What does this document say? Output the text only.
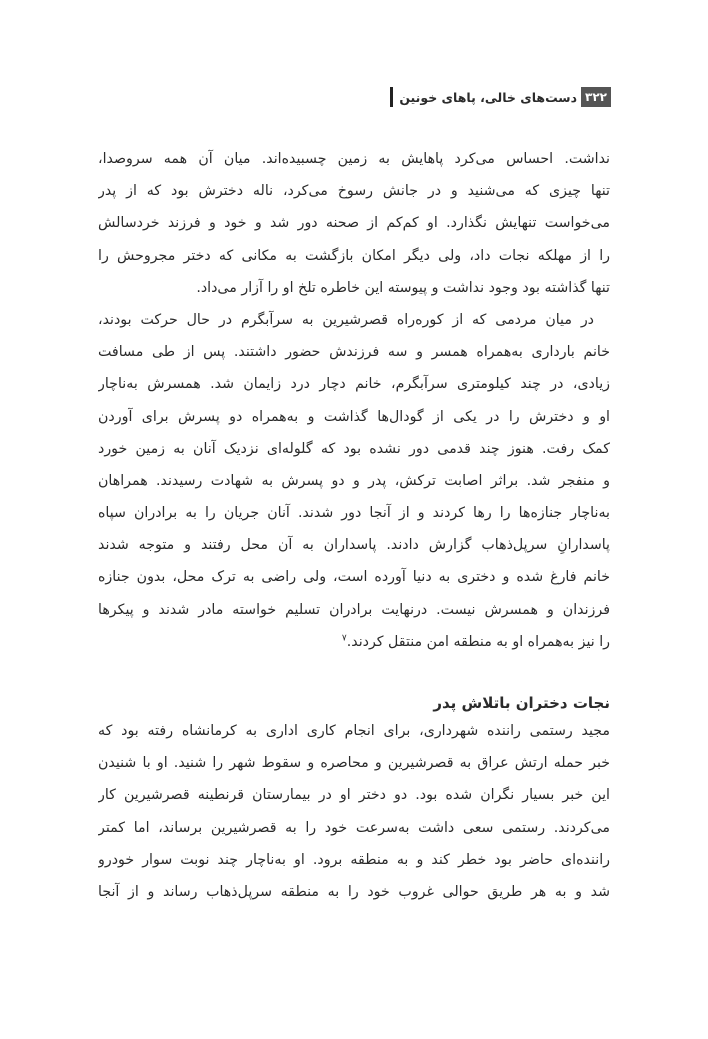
۳۲۲
دست‌های خالی، پاهای خونین
نداشت. احساس می‌کرد پاهایش به زمین چسبیده‌اند. میان آن همه سروصدا،
تنها چیزی که می‌شنید و در جانش رسوخ می‌کرد، ناله دخترش بود که از پدر
می‌خواست تنهایش نگذارد. او کم‌کم از صحنه دور شد و خود و فرزند خردسالش
را از مهلکه نجات داد، ولی دیگر امکان بازگشت به مکانی که دختر مجروحش را
تنها گذاشته بود وجود نداشت و پیوسته این خاطره تلخ او را آزار می‌داد.
در میان مردمی که از کوره‌راه قصرشیرین به سرآبگرم در حال حرکت بودند،
خانم بارداری به‌همراه همسر و سه فرزندش حضور داشتند. پس از طی مسافت
زیادی، در چند کیلومتری سرآبگرم، خانم دچار درد زایمان شد. همسرش به‌ناچار
او و دخترش را در یکی از گودال‌ها گذاشت و به‌همراه دو پسرش برای آوردن
کمک رفت. هنوز چند قدمی دور نشده بود که گلوله‌ای نزدیک آنان به زمین خورد
و منفجر شد. براثر اصابت ترکش، پدر و دو پسرش به شهادت رسیدند. همراهان
به‌ناچار جنازه‌ها را رها کردند و از آنجا دور شدند. آنان جریان را به برادران سپاه
پاسدارانِ سرپل‌ذهاب گزارش دادند. پاسداران به آن محل رفتند و متوجه شدند
خانم فارغ شده و دختری به دنیا آورده است، ولی راضی به ترک محل، بدون جنازه
فرزندان و همسرش نیست. درنهایت برادران تسلیم خواسته مادر شدند و پیکرها
را نیز به‌همراه او به منطقه امن منتقل کردند.$^۷$
نجات دختران باتلاش پدر
مجید رستمی راننده شهرداری، برای انجام کاری اداری به کرمانشاه رفته بود که
خبر حمله ارتش عراق به قصرشیرین و محاصره و سقوط شهر را شنید. او با شنیدن
این خبر بسیار نگران شده بود. دو دختر او در بیمارستان قرنطینه قصرشیرین کار
می‌کردند. رستمی سعی داشت به‌سرعت خود را به قصرشیرین برساند، اما کمتر
راننده‌ای حاضر بود خطر کند و به منطقه برود. او به‌ناچار چند نوبت سوار خودرو
شد و به هر طریق حوالی غروب خود را به منطقه سرپل‌ذهاب رساند و از آنجا
